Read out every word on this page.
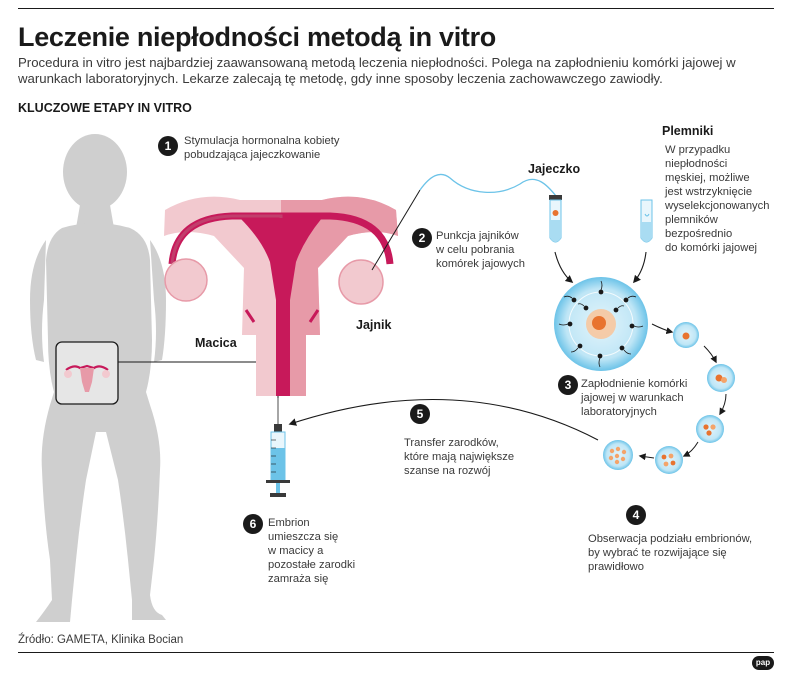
Leczenie niepłodności metodą in vitro
Procedura in vitro jest najbardziej zaawansowaną metodą leczenia niepłodności. Polega na zapłodnieniu komórki jajowej w warunkach laboratoryjnych. Lekarze zalecają tę metodę, gdy inne sposoby leczenia zachowawczego zawiodły.
KLUCZOWE ETAPY IN VITRO
Macica
Jajnik
Jajeczko
Plemniki
W przypadku
niepłodności
męskiej, możliwe
jest wstrzyknięcie
wyselekcjonowanych
plemników
bezpośrednio
do komórki jajowej
1	Stymulacja hormonalna kobiety
pobudzająca jajeczkowanie
2 Punkcja jajników
w celu pobrania
komórek jajowych
3 Zapłodnienie komórki
jajowej w warunkach
laboratoryjnych
4
Obserwacja podziału embrionów,
by wybrać te rozwijające się
prawidłowo
5
Transfer zarodków,
które mają największe
szanse na rozwój
6	Embrion
umieszcza się
w macicy a
pozostałe zarodki
zamraża się
Źródło: GAMETA, Klinika Bocian
pap
